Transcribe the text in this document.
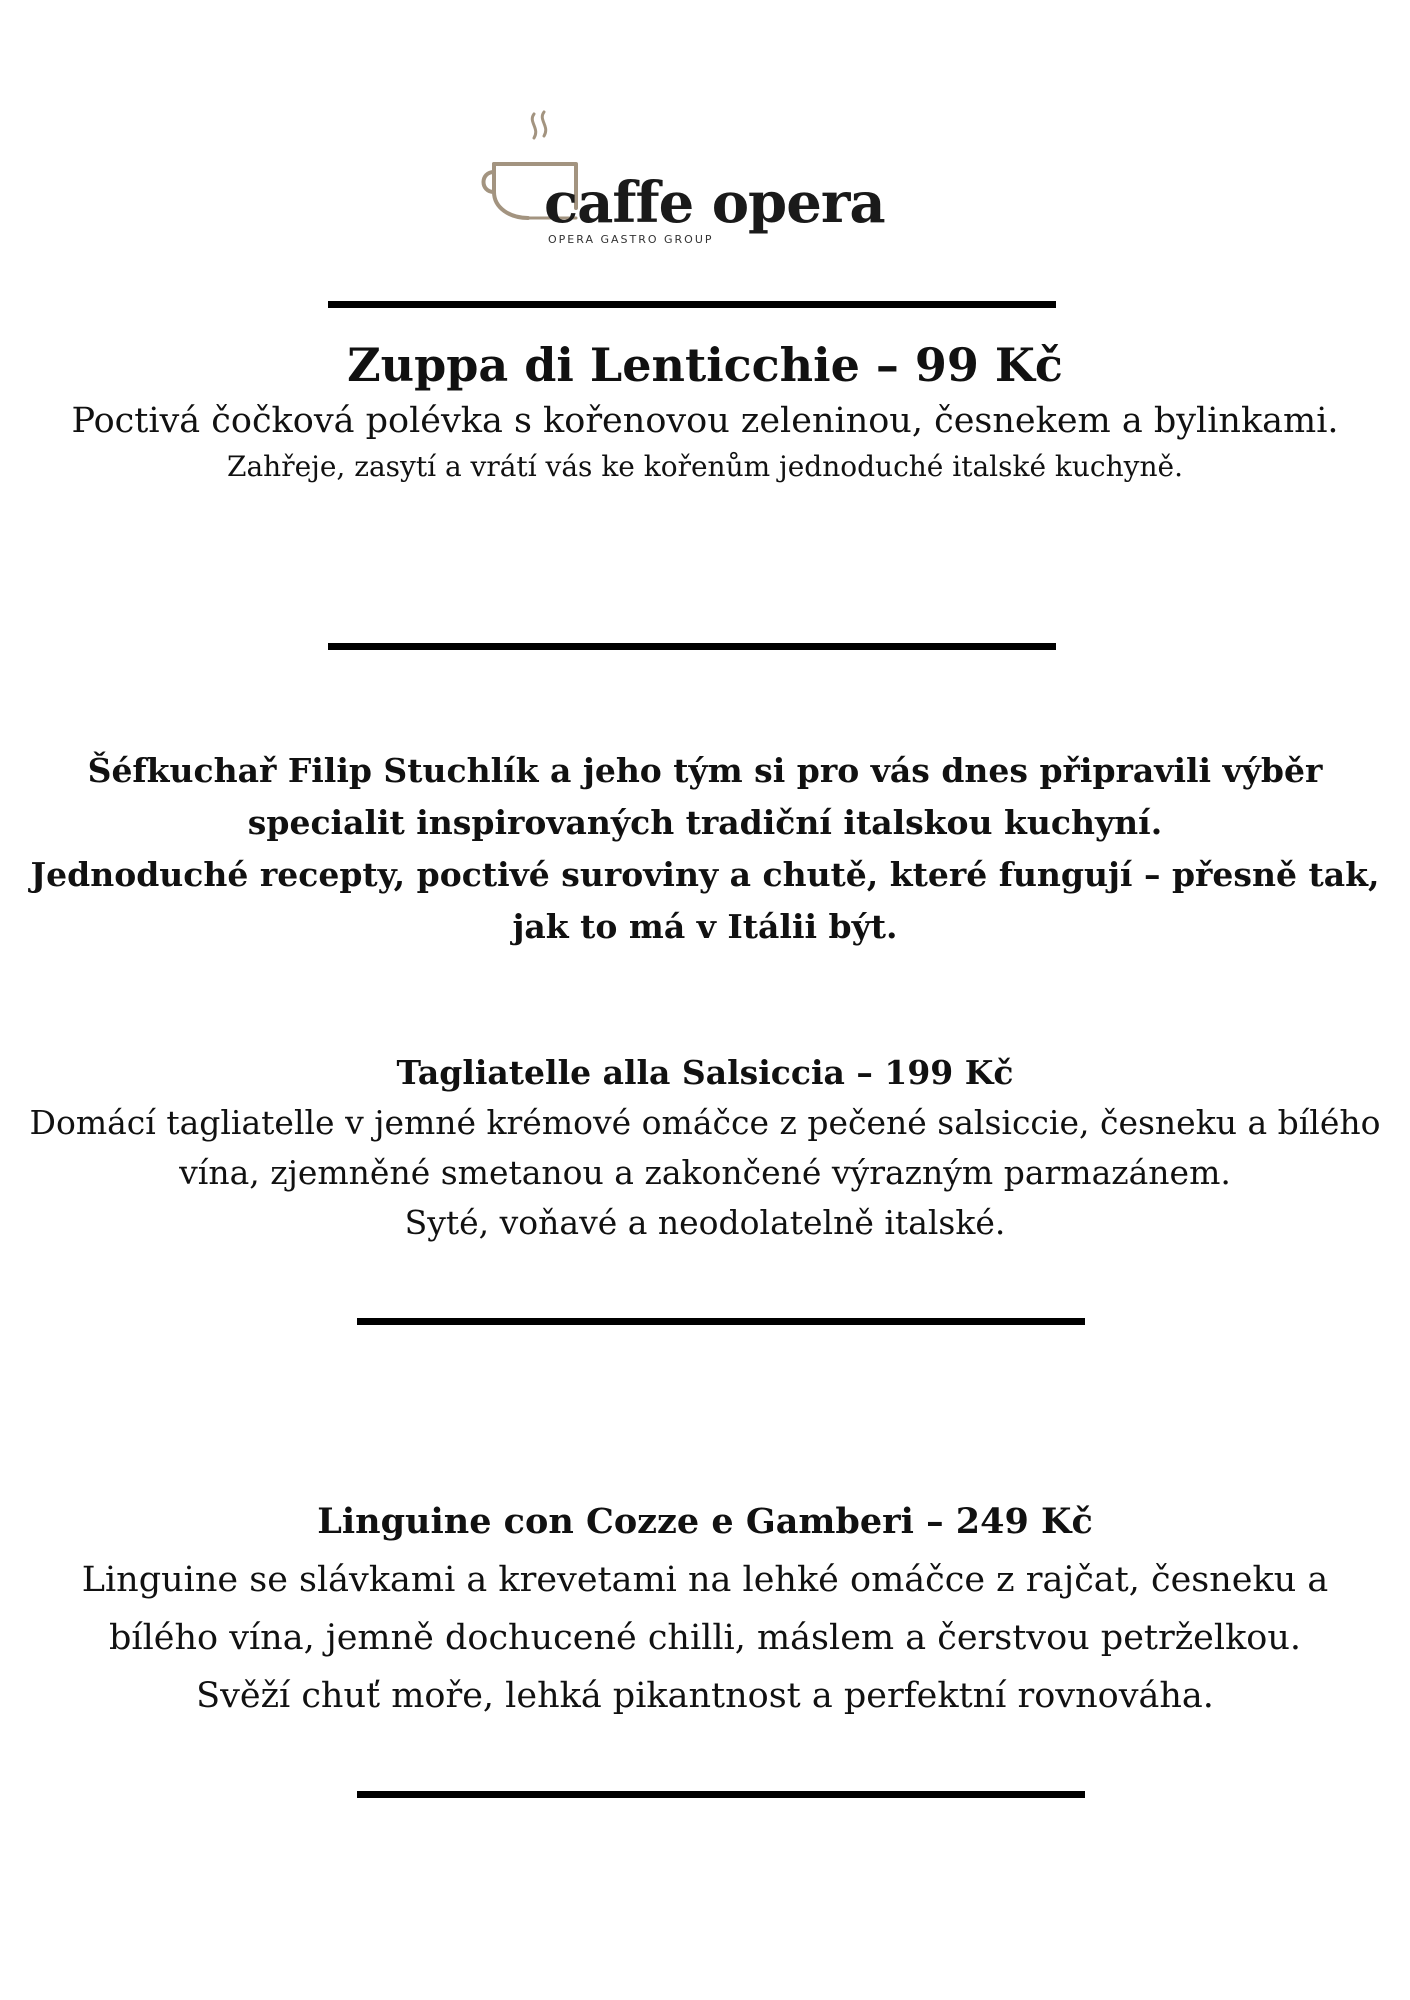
caffe opera
OPERA GASTRO GROUP

Zuppa di Lenticchie – 99 Kč

Poctivá čočková polévka s kořenovou zeleninou, česnekem a bylinkami.

Zahřeje, zasytí a vrátí vás ke kořenům jednoduché italské kuchyně.

Šéfkuchař Filip Stuchlík a jeho tým si pro vás dnes připravili výběr

specialit inspirovaných tradiční italskou kuchyní.

Jednoduché recepty, poctivé suroviny a chutě, které fungují – přesně tak,

jak to má v Itálii být.

Tagliatelle alla Salsiccia – 199 Kč

Domácí tagliatelle v jemné krémové omáčce z pečené salsiccie, česneku a bílého

vína, zjemněné smetanou a zakončené výrazným parmazánem.

Syté, voňavé a neodolatelně italské.

Linguine con Cozze e Gamberi – 249 Kč

Linguine se slávkami a krevetami na lehké omáčce z rajčat, česneku a

bílého vína, jemně dochucené chilli, máslem a čerstvou petrželkou.

Svěží chuť moře, lehká pikantnost a perfektní rovnováha.
